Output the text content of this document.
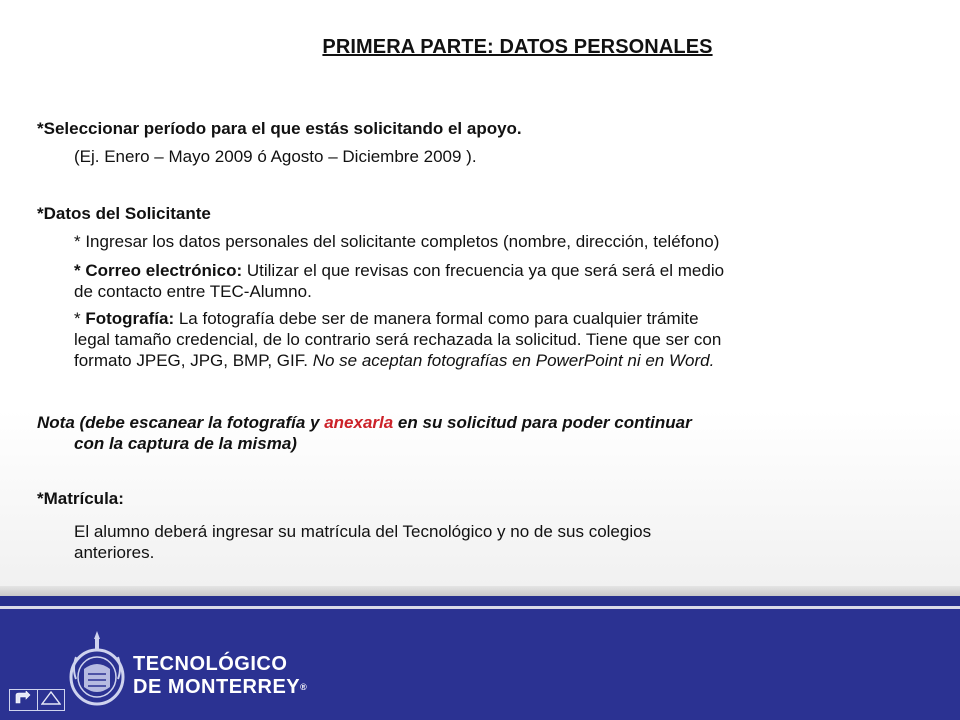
PRIMERA PARTE: DATOS PERSONALES
*Seleccionar período para el que estás solicitando el apoyo.
(Ej. Enero – Mayo 2009 ó Agosto – Diciembre 2009 ).
*Datos del Solicitante
* Ingresar los datos personales del solicitante completos (nombre, dirección, teléfono)
* Correo electrónico: Utilizar el que revisas con frecuencia ya que será será el medio
de contacto entre TEC-Alumno.
* Fotografía: La fotografía debe ser de manera formal como para cualquier trámite
legal tamaño credencial, de lo contrario será rechazada la solicitud. Tiene que ser con
formato JPEG, JPG, BMP, GIF. No se aceptan fotografías en PowerPoint ni en Word.
Nota (debe escanear la fotografía y anexarla en su solicitud para poder continuar
con la captura de la misma)
*Matrícula:
El alumno deberá ingresar su matrícula del Tecnológico y no de sus colegios
anteriores.
TECNOLÓGICO
DE MONTERREY®
